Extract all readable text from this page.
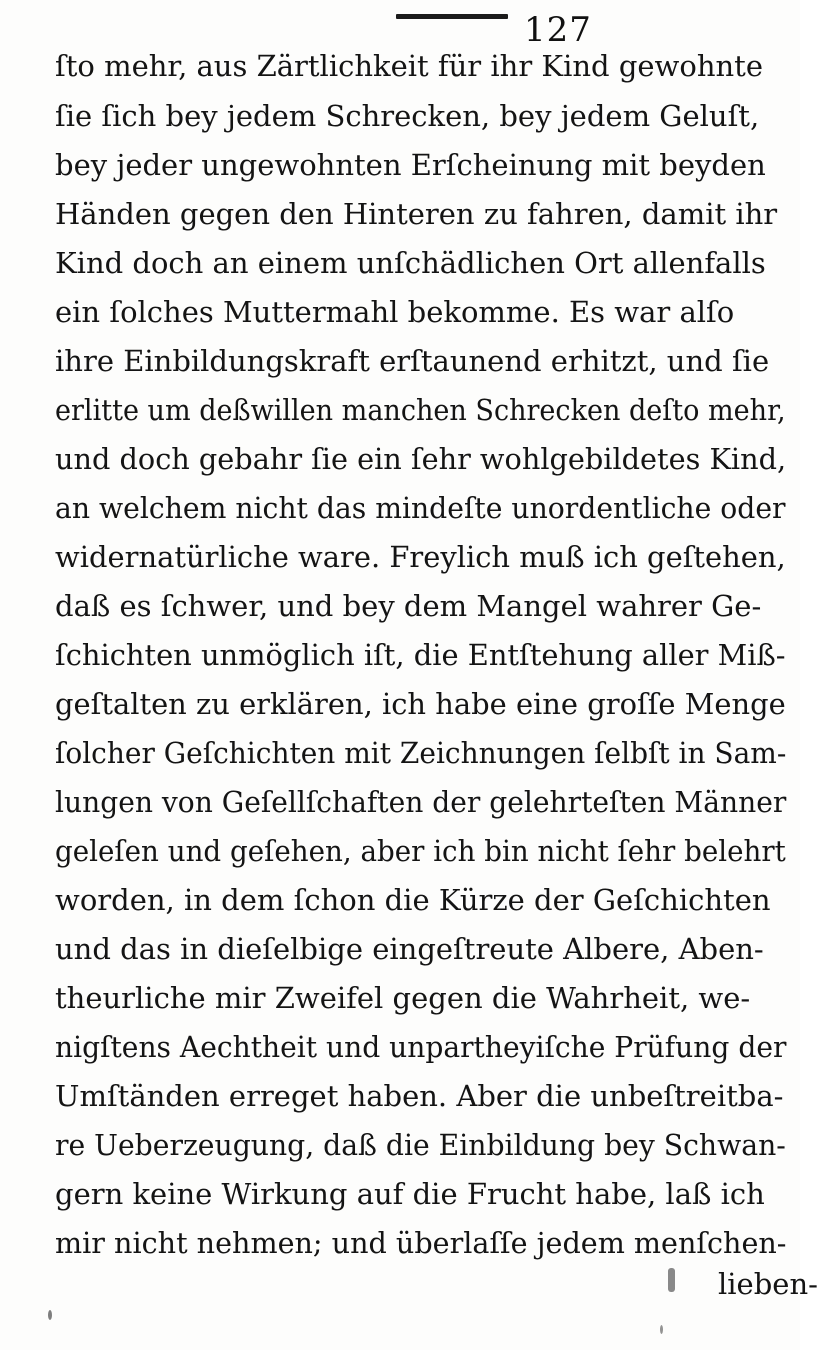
127
ſto mehr, aus Zärtlichkeit für ihr Kind gewohnte
ſie ſich bey jedem Schrecken, bey jedem Geluſt,
bey jeder ungewohnten Erſcheinung mit beyden
Händen gegen den Hinteren zu fahren, damit ihr
Kind doch an einem unſchädlichen Ort allenfalls
ein ſolches Muttermahl bekomme. Es war alſo
ihre Einbildungskraft erſtaunend erhitzt, und ſie
erlitte um deßwillen manchen Schrecken deſto mehr,
und doch gebahr ſie ein ſehr wohlgebildetes Kind,
an welchem nicht das mindeſte unordentliche oder
widernatürliche ware. Freylich muß ich geſtehen,
daß es ſchwer, und bey dem Mangel wahrer Ge-
ſchichten unmöglich iſt, die Entſtehung aller Miß-
geſtalten zu erklären, ich habe eine groſſe Menge
ſolcher Geſchichten mit Zeichnungen ſelbſt in Sam-
lungen von Geſellſchaften der gelehrteſten Männer
geleſen und geſehen, aber ich bin nicht ſehr belehrt
worden, in dem ſchon die Kürze der Geſchichten
und das in dieſelbige eingeſtreute Albere, Aben-
theurliche mir Zweifel gegen die Wahrheit, we-
nigſtens Aechtheit und unpartheyiſche Prüfung der
Umſtänden erreget haben. Aber die unbeſtreitba-
re Ueberzeugung, daß die Einbildung bey Schwan-
gern keine Wirkung auf die Frucht habe, laß ich
mir nicht nehmen; und überlaſſe jedem menſchen-
lieben-
